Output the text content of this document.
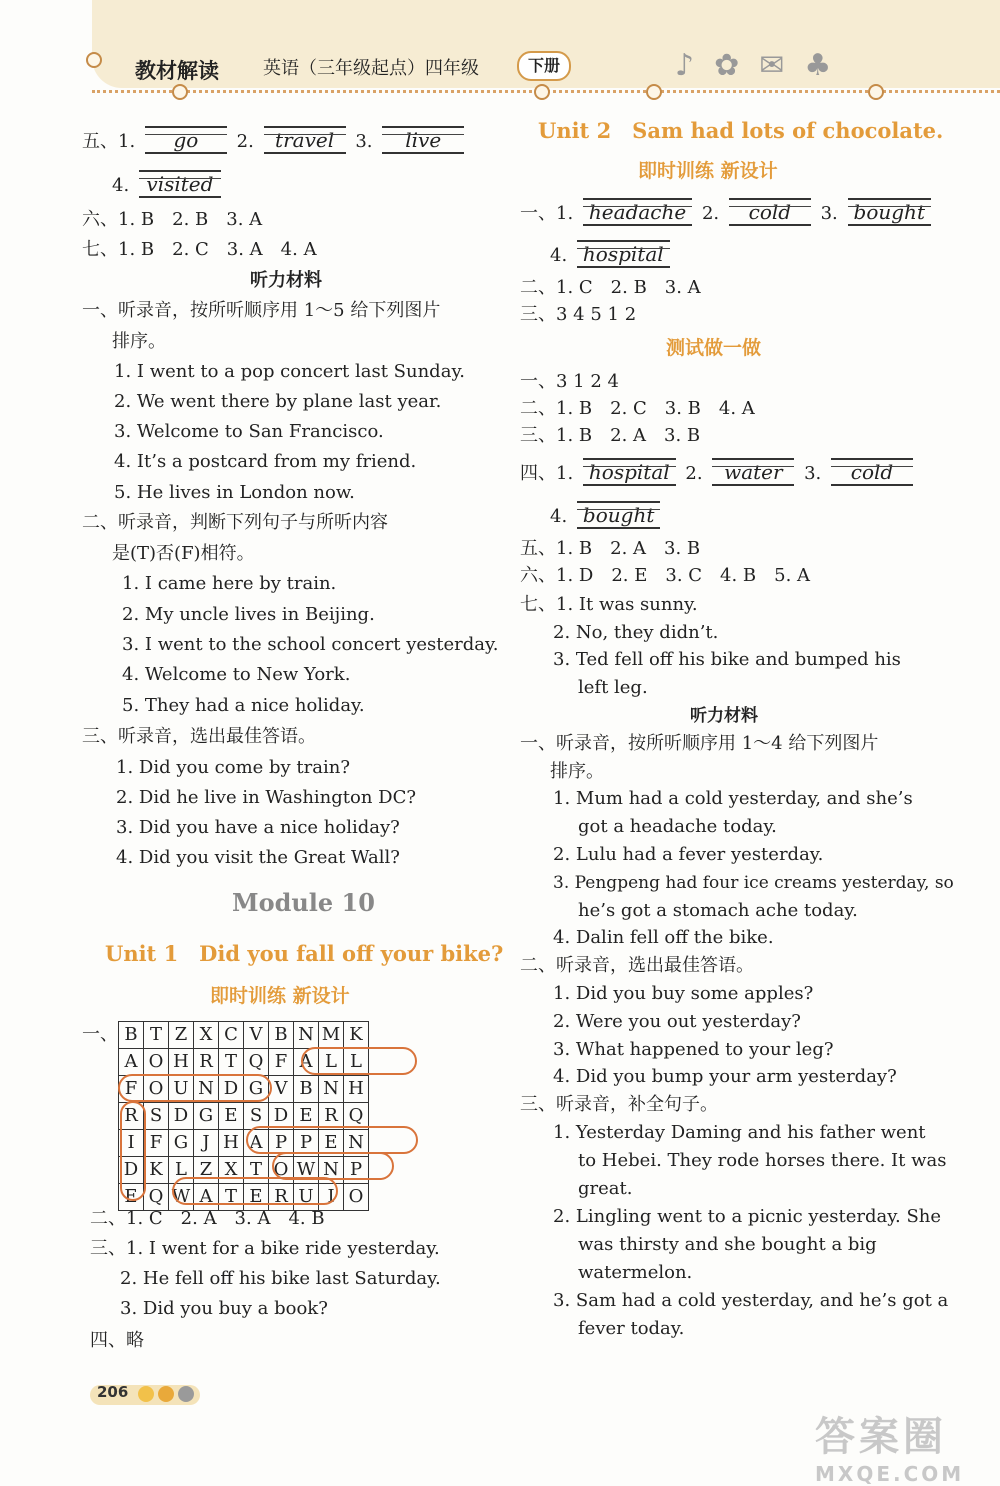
教材解读 英语（三年级起点）四年级	下册	♪✿✉♣
五、1. go 2. travel 3. live
4. visited
六、1. B　2. B　3. A
七、1. B　2. C　3. A　4. A
听力材料
一、听录音，按所听顺序用 1～5 给下列图片
排序。
1. I went to a pop concert last Sunday.
2. We went there by plane last year.
3. Welcome to San Francisco.
4. It’s a postcard from my friend.
5. He lives in London now.
二、听录音，判断下列句子与所听内容
是(T)否(F)相符。
1. I came here by train.
2. My uncle lives in Beijing.
3. I went to the school concert yesterday.
4. Welcome to New York.
5. They had a nice holiday.
三、听录音，选出最佳答语。
1. Did you come by train?
2. Did he live in Washington DC?
3. Did you have a nice holiday?
4. Did you visit the Great Wall?
Module 10
Unit 1　Did you fall off your bike?
即时训练 新设计
一、 B	T	Z	X	C	V	B	N	M	K
A	O	H	R	T	Q	F	A	L	L
F	O	U	N	D	G	V	B	N	H
R	S	D	G	E	S	D	E	R	Q
I	F	G	J	H	A	P	P	E	N
D	K	L	Z	X	T	O	W	N	P
E	Q	W	A	T	E	R	U	I	O
二、1. C　2. A　3. A　4. B
三、1. I went for a bike ride yesterday.
2. He fell off his bike last Saturday.
3. Did you buy a book?
四、略
Unit 2　Sam had lots of chocolate.
即时训练 新设计
一、1. headache 2. cold 3. bought
4. hospital
二、1. C　2. B　3. A
三、3 4 5 1 2
测试做一做
一、3 1 2 4
二、1. B　2. C　3. B　4. A
三、1. B　2. A　3. B
四、1. hospital 2. water 3. cold
4. bought
五、1. B　2. A　3. B
六、1. D　2. E　3. C　4. B　5. A
七、1. It was sunny.
2. No, they didn’t.
3. Ted fell off his bike and bumped his
left leg.
听力材料
一、听录音，按所听顺序用 1～4 给下列图片
排序。
1. Mum had a cold yesterday, and she’s
got a headache today.
2. Lulu had a fever yesterday.
3. Pengpeng had four ice creams yesterday, so
he’s got a stomach ache today.
4. Dalin fell off the bike.
二、听录音，选出最佳答语。
1. Did you buy some apples?
2. Were you out yesterday?
3. What happened to your leg?
4. Did you bump your arm yesterday?
三、听录音，补全句子。
1. Yesterday Daming and his father went
to Hebei. They rode horses there. It was
great.
2. Lingling went to a picnic yesterday. She
was thirsty and she bought a big
watermelon.
3. Sam had a cold yesterday, and he’s got a
fever today.
206
答案圈
MXQE.COM
